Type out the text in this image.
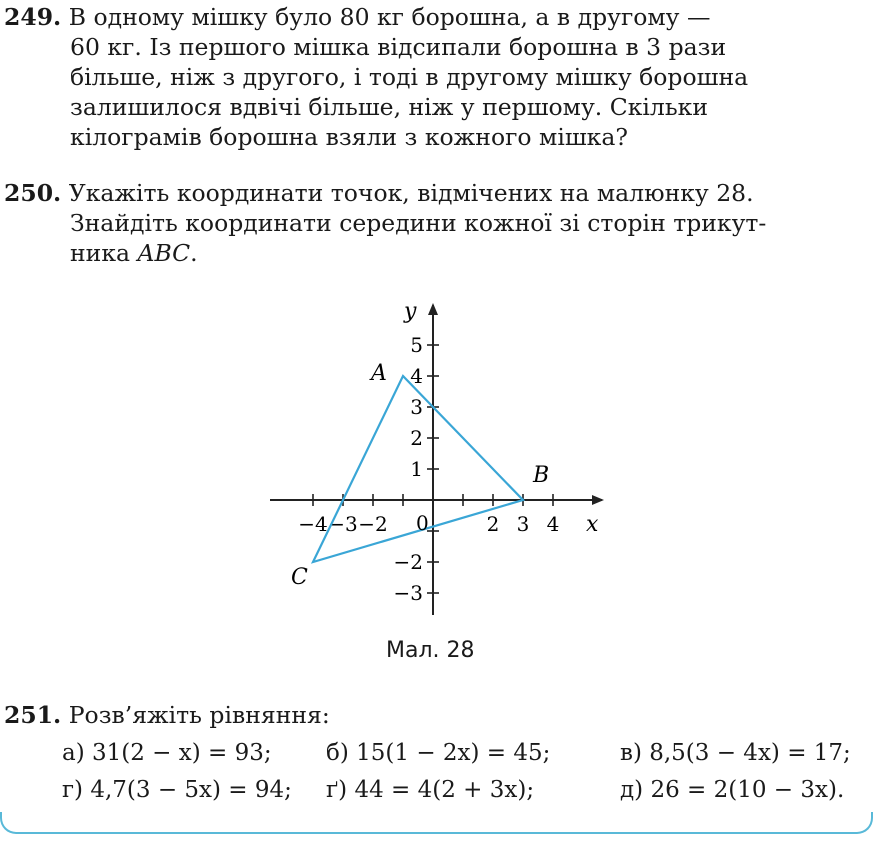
249. В одному мішку було 80 кг борошна, а в другому —
60 кг. Із першого мішка відсипали борошна в 3 рази
більше, ніж з другого, і тоді в другому мішку борошна
залишилося вдвічі більше, ніж у першому. Скільки
кілограмів борошна взяли з кожного мішка?
250. Укажіть координати точок, відмічених на малюнку 28.
Знайдіть координати середини кожної зі сторін трикут-
ника ABC.
−4 −3 −2	2 3 4
5
4
3
2
1
−2
−3
A
B
C
x
y
0
Мал. 28
251. Розв’яжіть рівняння:
а) 31(2 − x) = 93; б) 15(1 − 2x) = 45;	в) 8,5(3 − 4x) = 17;
г) 4,7(3 − 5x) = 94; ґ) 44 = 4(2 + 3x);	д) 26 = 2(10 − 3x).
